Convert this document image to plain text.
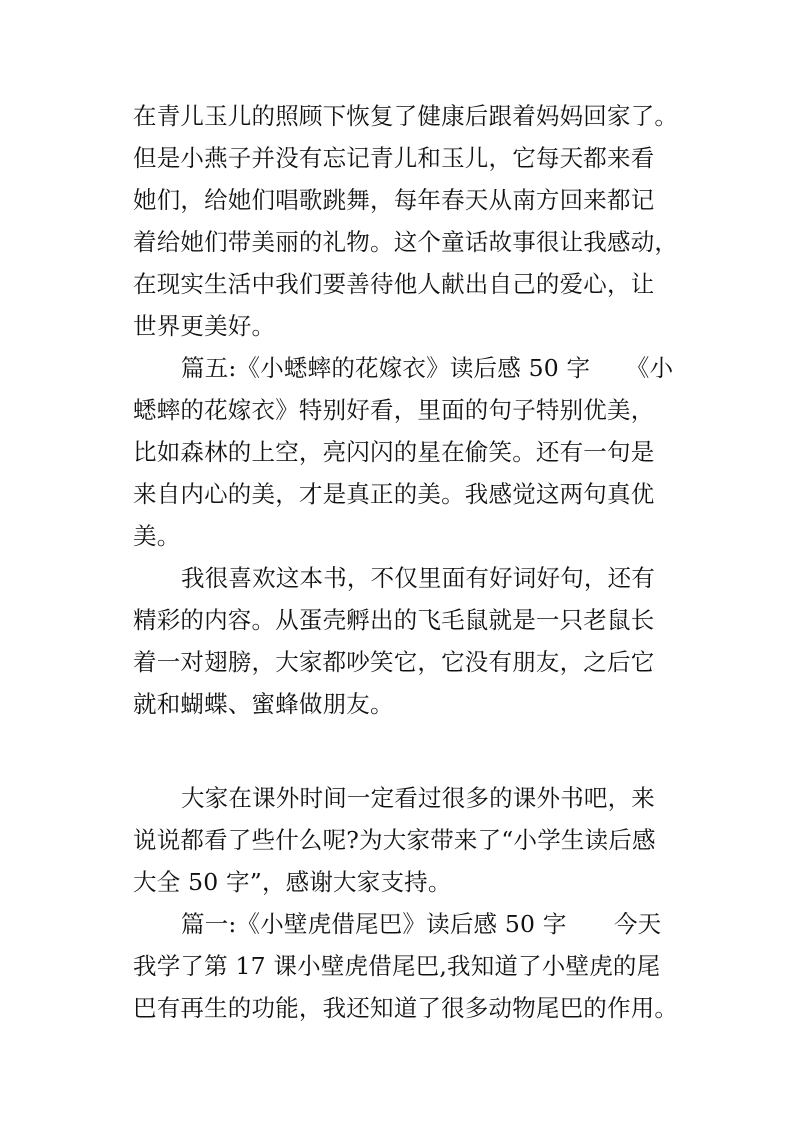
在青儿玉儿的照顾下恢复了健康后跟着妈妈回家了。
但是小燕子并没有忘记青儿和玉儿，它每天都来看
她们，给她们唱歌跳舞，每年春天从南方回来都记
着给她们带美丽的礼物。这个童话故事很让我感动，
在现实生活中我们要善待他人献出自己的爱心，让
世界更美好。
篇五:《小蟋蟀的花嫁衣》读后感 50 字　　《小
蟋蟀的花嫁衣》特别好看，里面的句子特别优美，
比如森林的上空，亮闪闪的星在偷笑。还有一句是
来自内心的美，才是真正的美。我感觉这两句真优
美。
我很喜欢这本书，不仅里面有好词好句，还有
精彩的内容。从蛋壳孵出的飞毛鼠就是一只老鼠长
着一对翅膀，大家都吵笑它，它没有朋友，之后它
就和蝴蝶、蜜蜂做朋友。
大家在课外时间一定看过很多的课外书吧，来
说说都看了些什么呢?为大家带来了“小学生读后感
大全 50 字”，感谢大家支持。
篇一:《小壁虎借尾巴》读后感 50 字　　今天
我学了第 17 课小壁虎借尾巴,我知道了小壁虎的尾
巴有再生的功能，我还知道了很多动物尾巴的作用。
